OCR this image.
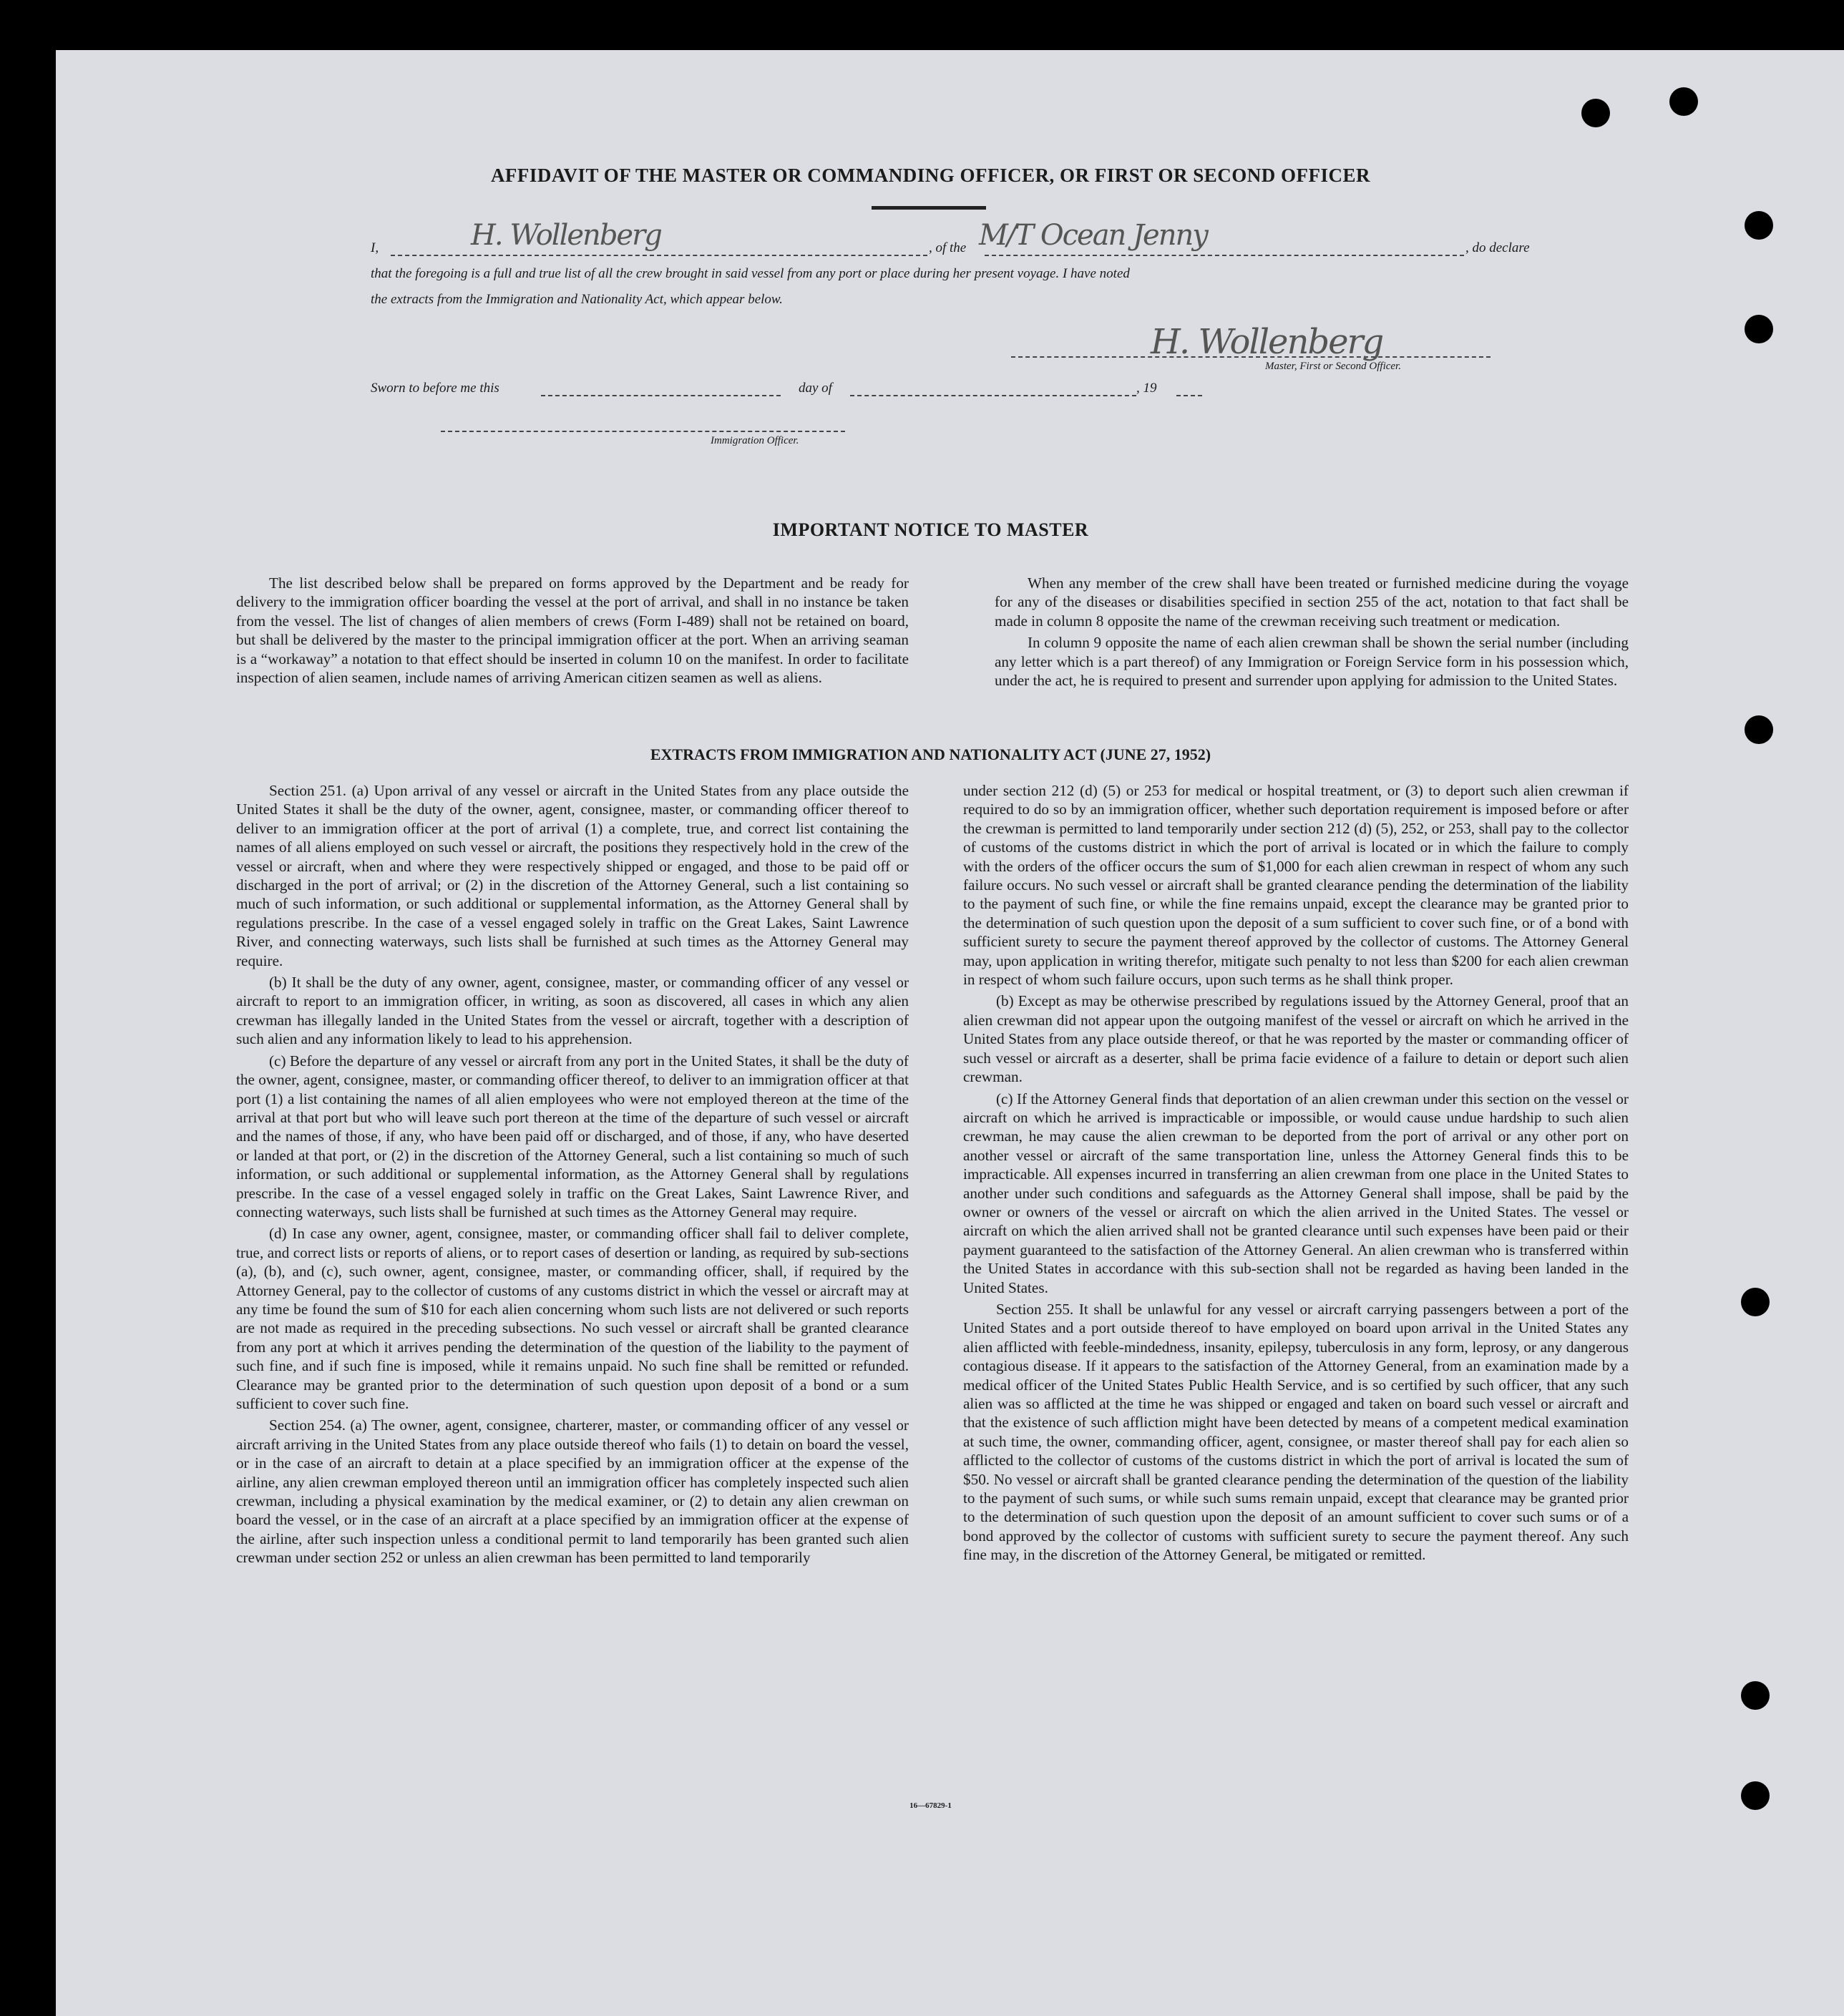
AFFIDAVIT OF THE MASTER OR COMMANDING OFFICER, OR FIRST OR SECOND OFFICER
I,	H. Wollenberg	, of the M/T Ocean Jenny	, do declare
that the foregoing is a full and true list of all the crew brought in said vessel from any port or place during her present voyage. I have noted
the extracts from the Immigration and Nationality Act, which appear below.
H. Wollenberg
Master, First or Second Officer.
Sworn to before me this	day of	, 19
Immigration Officer.
IMPORTANT NOTICE TO MASTER

The list described below shall be prepared on forms approved by the Department and be ready for delivery to the immigration officer boarding the vessel at the port of arrival, and shall in no instance be taken from the vessel. The list of changes of alien members of crews (Form I-489) shall not be retained on board, but shall be delivered by the master to the principal immigration officer at the port. When an arriving seaman is a “workaway” a notation to that effect should be inserted in column 10 on the manifest. In order to facilitate inspection of alien seamen, include names of arriving American citizen seamen as well as aliens.

When any member of the crew shall have been treated or furnished medicine during the voyage for any of the diseases or disabilities specified in section 255 of the act, notation to that fact shall be made in column 8 opposite the name of the crewman receiving such treatment or medication.

In column 9 opposite the name of each alien crewman shall be shown the serial number (including any letter which is a part thereof) of any Immigration or Foreign Service form in his possession which, under the act, he is required to present and surrender upon applying for admission to the United States.

EXTRACTS FROM IMMIGRATION AND NATIONALITY ACT (JUNE 27, 1952)

Section 251. (a) Upon arrival of any vessel or aircraft in the United States from any place outside the United States it shall be the duty of the owner, agent, consignee, master, or commanding officer thereof to deliver to an immigration officer at the port of arrival (1) a complete, true, and correct list containing the names of all aliens employed on such vessel or aircraft, the positions they respectively hold in the crew of the vessel or aircraft, when and where they were respectively shipped or engaged, and those to be paid off or discharged in the port of arrival; or (2) in the discretion of the Attorney General, such a list containing so much of such information, or such additional or supplemental information, as the Attorney General shall by regulations prescribe. In the case of a vessel engaged solely in traffic on the Great Lakes, Saint Lawrence River, and connecting waterways, such lists shall be furnished at such times as the Attorney General may require.

(b) It shall be the duty of any owner, agent, consignee, master, or commanding officer of any vessel or aircraft to report to an immigration officer, in writing, as soon as discovered, all cases in which any alien crewman has illegally landed in the United States from the vessel or aircraft, together with a description of such alien and any information likely to lead to his apprehension.

(c) Before the departure of any vessel or aircraft from any port in the United States, it shall be the duty of the owner, agent, consignee, master, or commanding officer thereof, to deliver to an immigration officer at that port (1) a list containing the names of all alien employees who were not employed thereon at the time of the arrival at that port but who will leave such port thereon at the time of the departure of such vessel or aircraft and the names of those, if any, who have been paid off or discharged, and of those, if any, who have deserted or landed at that port, or (2) in the discretion of the Attorney General, such a list containing so much of such information, or such additional or supplemental information, as the Attorney General shall by regulations prescribe. In the case of a vessel engaged solely in traffic on the Great Lakes, Saint Lawrence River, and connecting waterways, such lists shall be furnished at such times as the Attorney General may require.

(d) In case any owner, agent, consignee, master, or commanding officer shall fail to deliver complete, true, and correct lists or reports of aliens, or to report cases of desertion or landing, as required by sub-sections (a), (b), and (c), such owner, agent, consignee, master, or commanding officer, shall, if required by the Attorney General, pay to the collector of customs of any customs district in which the vessel or aircraft may at any time be found the sum of $10 for each alien concerning whom such lists are not delivered or such reports are not made as required in the preceding subsections. No such vessel or aircraft shall be granted clearance from any port at which it arrives pending the determination of the question of the liability to the payment of such fine, and if such fine is imposed, while it remains unpaid. No such fine shall be remitted or refunded. Clearance may be granted prior to the determination of such question upon deposit of a bond or a sum sufficient to cover such fine.

Section 254. (a) The owner, agent, consignee, charterer, master, or commanding officer of any vessel or aircraft arriving in the United States from any place outside thereof who fails (1) to detain on board the vessel, or in the case of an aircraft to detain at a place specified by an immigration officer at the expense of the airline, any alien crewman employed thereon until an immigration officer has completely inspected such alien crewman, including a physical examination by the medical examiner, or (2) to detain any alien crewman on board the vessel, or in the case of an aircraft at a place specified by an immigration officer at the expense of the airline, after such inspection unless a conditional permit to land temporarily has been granted such alien crewman under section 252 or unless an alien crewman has been permitted to land temporarily

under section 212 (d) (5) or 253 for medical or hospital treatment, or (3) to deport such alien crewman if required to do so by an immigration officer, whether such deportation requirement is imposed before or after the crewman is permitted to land temporarily under section 212 (d) (5), 252, or 253, shall pay to the collector of customs of the customs district in which the port of arrival is located or in which the failure to comply with the orders of the officer occurs the sum of $1,000 for each alien crewman in respect of whom any such failure occurs. No such vessel or aircraft shall be granted clearance pending the determination of the liability to the payment of such fine, or while the fine remains unpaid, except the clearance may be granted prior to the determination of such question upon the deposit of a sum sufficient to cover such fine, or of a bond with sufficient surety to secure the payment thereof approved by the collector of customs. The Attorney General may, upon application in writing therefor, mitigate such penalty to not less than $200 for each alien crewman in respect of whom such failure occurs, upon such terms as he shall think proper.

(b) Except as may be otherwise prescribed by regulations issued by the Attorney General, proof that an alien crewman did not appear upon the outgoing manifest of the vessel or aircraft on which he arrived in the United States from any place outside thereof, or that he was reported by the master or commanding officer of such vessel or aircraft as a deserter, shall be prima facie evidence of a failure to detain or deport such alien crewman.

(c) If the Attorney General finds that deportation of an alien crewman under this section on the vessel or aircraft on which he arrived is impracticable or impossible, or would cause undue hardship to such alien crewman, he may cause the alien crewman to be deported from the port of arrival or any other port on another vessel or aircraft of the same transportation line, unless the Attorney General finds this to be impracticable. All expenses incurred in transferring an alien crewman from one place in the United States to another under such conditions and safeguards as the Attorney General shall impose, shall be paid by the owner or owners of the vessel or aircraft on which the alien arrived in the United States. The vessel or aircraft on which the alien arrived shall not be granted clearance until such expenses have been paid or their payment guaranteed to the satisfaction of the Attorney General. An alien crewman who is transferred within the United States in accordance with this sub-section shall not be regarded as having been landed in the United States.

Section 255. It shall be unlawful for any vessel or aircraft carrying passengers between a port of the United States and a port outside thereof to have employed on board upon arrival in the United States any alien afflicted with feeble-mindedness, insanity, epilepsy, tuberculosis in any form, leprosy, or any dangerous contagious disease. If it appears to the satisfaction of the Attorney General, from an examination made by a medical officer of the United States Public Health Service, and is so certified by such officer, that any such alien was so afflicted at the time he was shipped or engaged and taken on board such vessel or aircraft and that the existence of such affliction might have been detected by means of a competent medical examination at such time, the owner, commanding officer, agent, consignee, or master thereof shall pay for each alien so afflicted to the collector of customs of the customs district in which the port of arrival is located the sum of $50. No vessel or aircraft shall be granted clearance pending the determination of the question of the liability to the payment of such sums, or while such sums remain unpaid, except that clearance may be granted prior to the determination of such question upon the deposit of an amount sufficient to cover such sums or of a bond approved by the collector of customs with sufficient surety to secure the payment thereof. Any such fine may, in the discretion of the Attorney General, be mitigated or remitted.

16—67829-1
